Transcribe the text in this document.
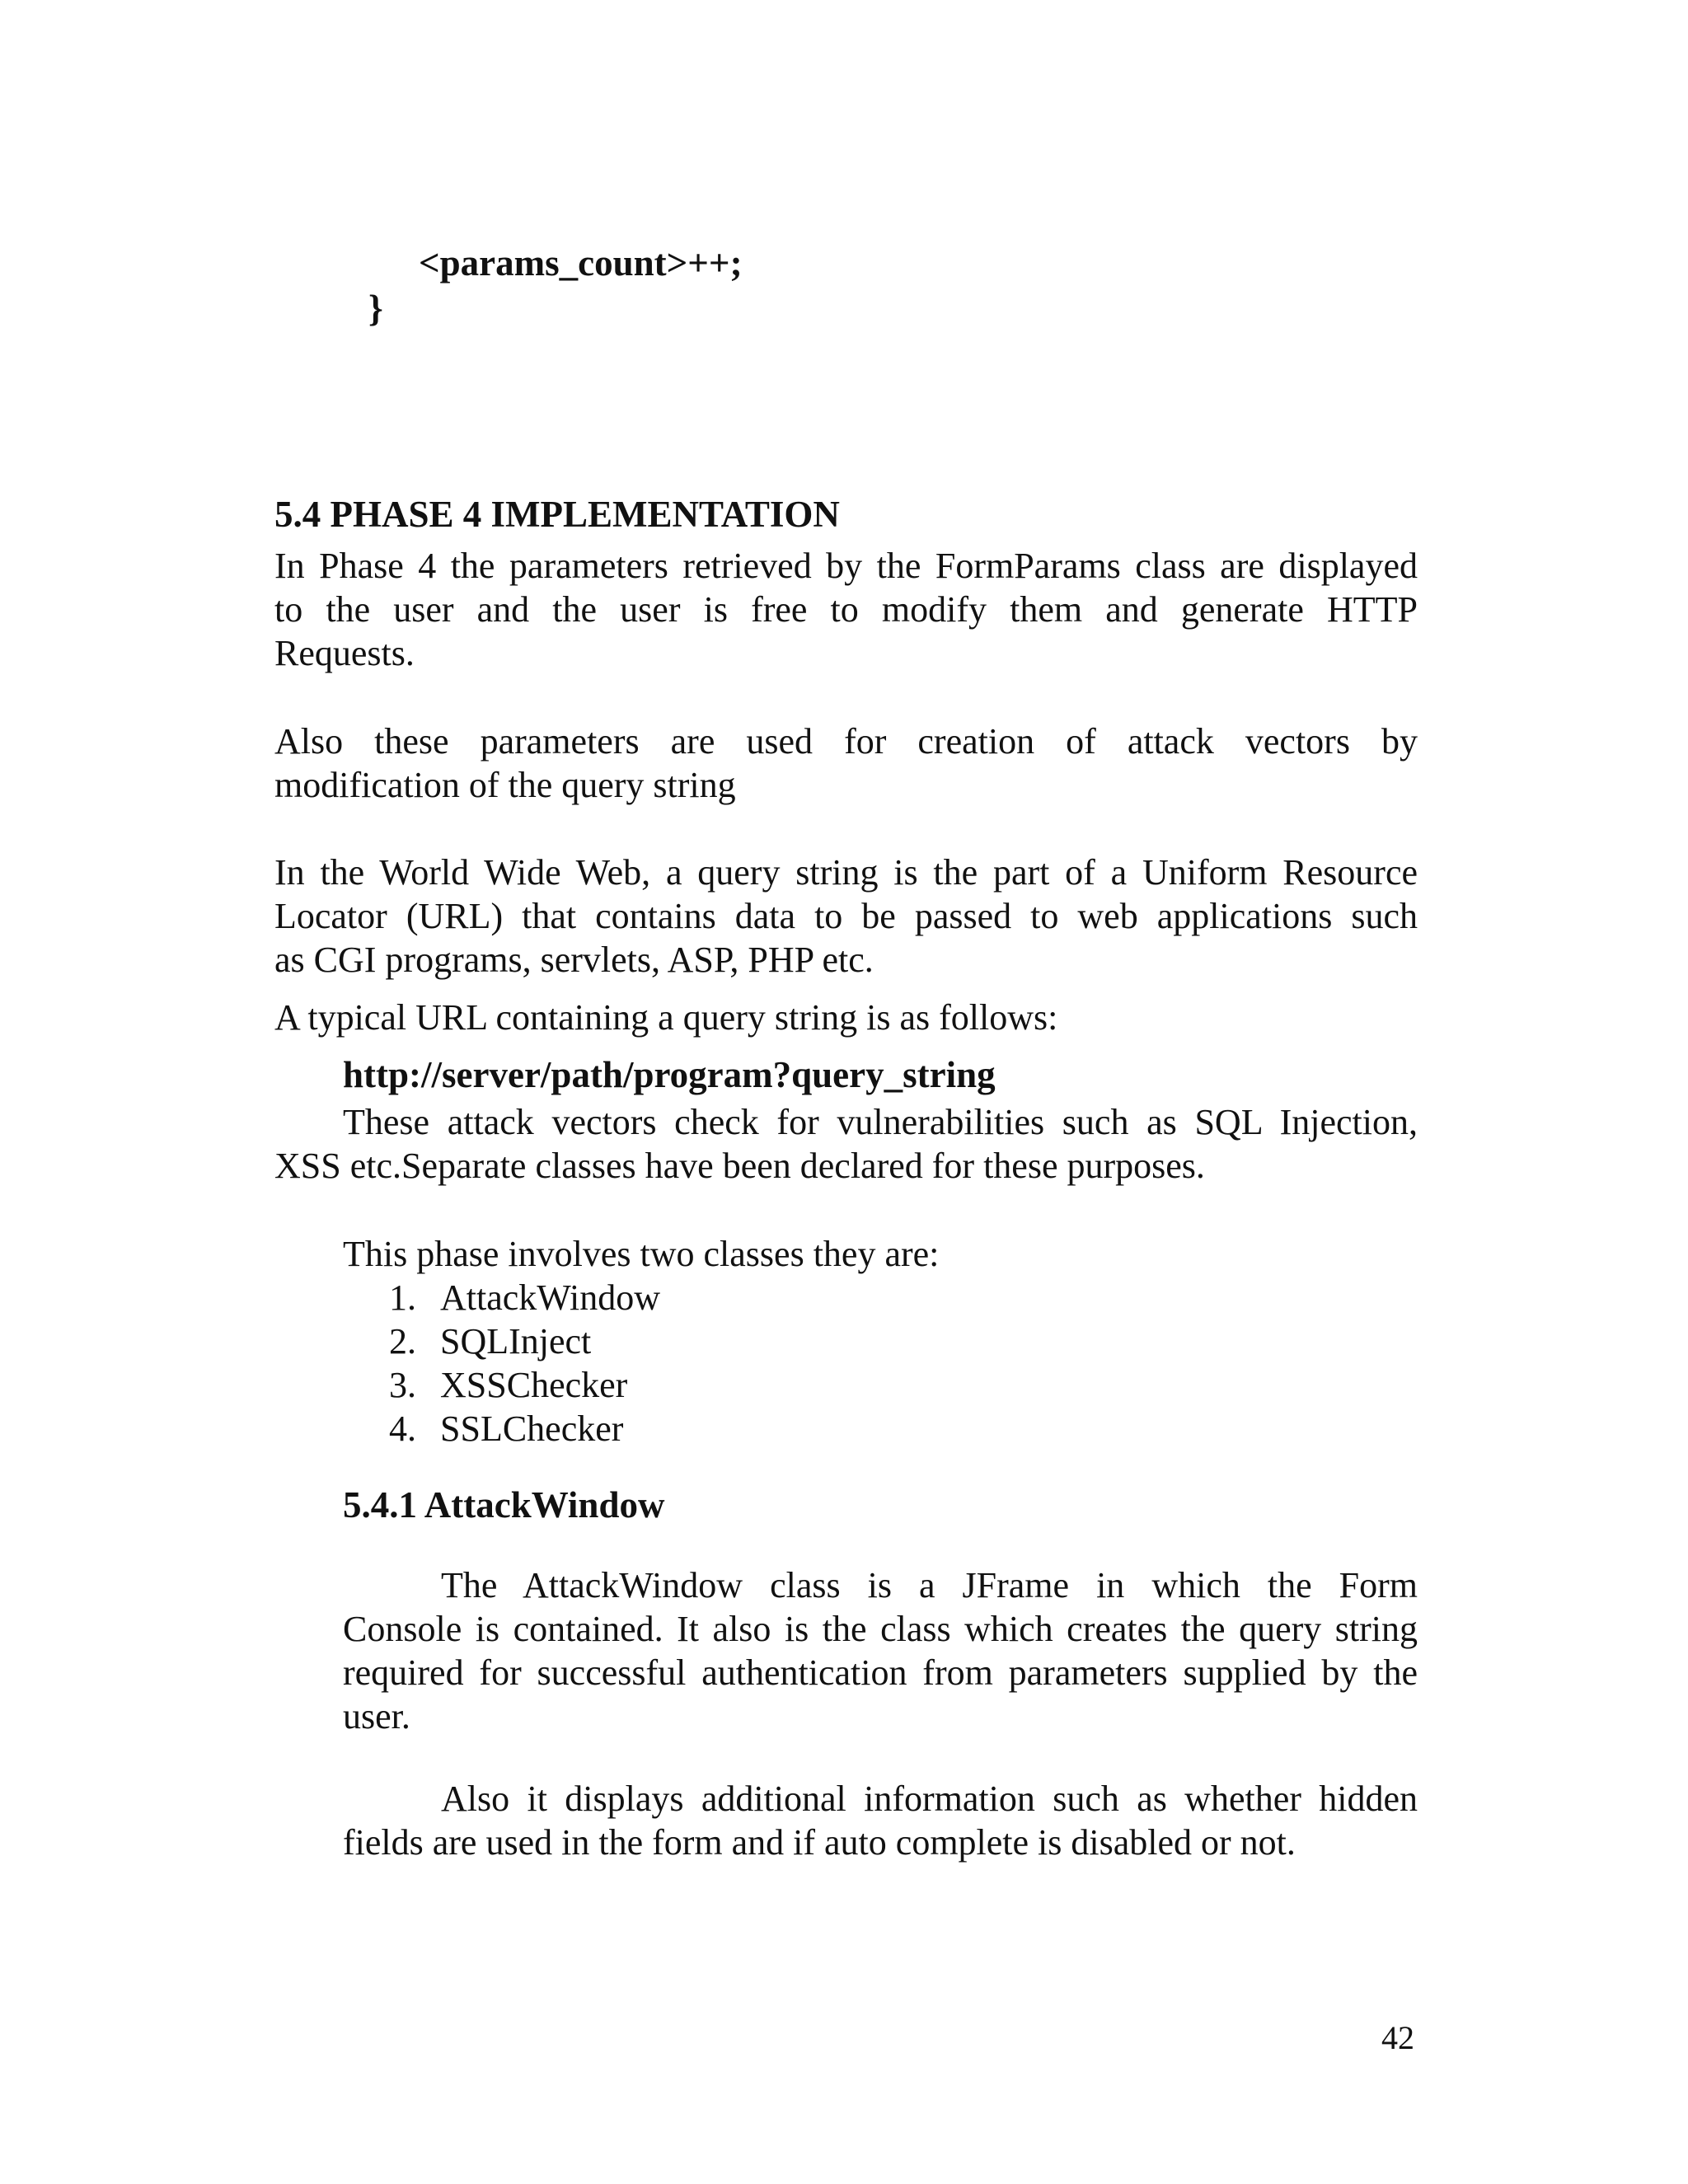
<params_count>++;
}
5.4 PHASE 4 IMPLEMENTATION
In Phase 4 the parameters retrieved by the FormParams class are displayed
to the user and the user is free to modify them and generate HTTP
Requests.
Also these parameters are used for creation of attack vectors by
modification of the query string
In the World Wide Web, a query string is the part of a Uniform Resource
Locator (URL) that contains data to be passed to web applications such
as CGI programs, servlets, ASP, PHP etc.
A typical URL containing a query string is as follows:
http://server/path/program?query_string
These attack vectors check for vulnerabilities such as SQL Injection,
XSS etc.Separate classes have been declared for these purposes.
This phase involves two classes they are:
1. AttackWindow
2. SQLInject
3. XSSChecker
4. SSLChecker
5.4.1 AttackWindow
The AttackWindow class is a JFrame in which the Form
Console is contained. It also is the class which creates the query string
required for successful authentication from parameters supplied by the
user.
Also it displays additional information such as whether hidden
fields are used in the form and if auto complete is disabled or not.
42
